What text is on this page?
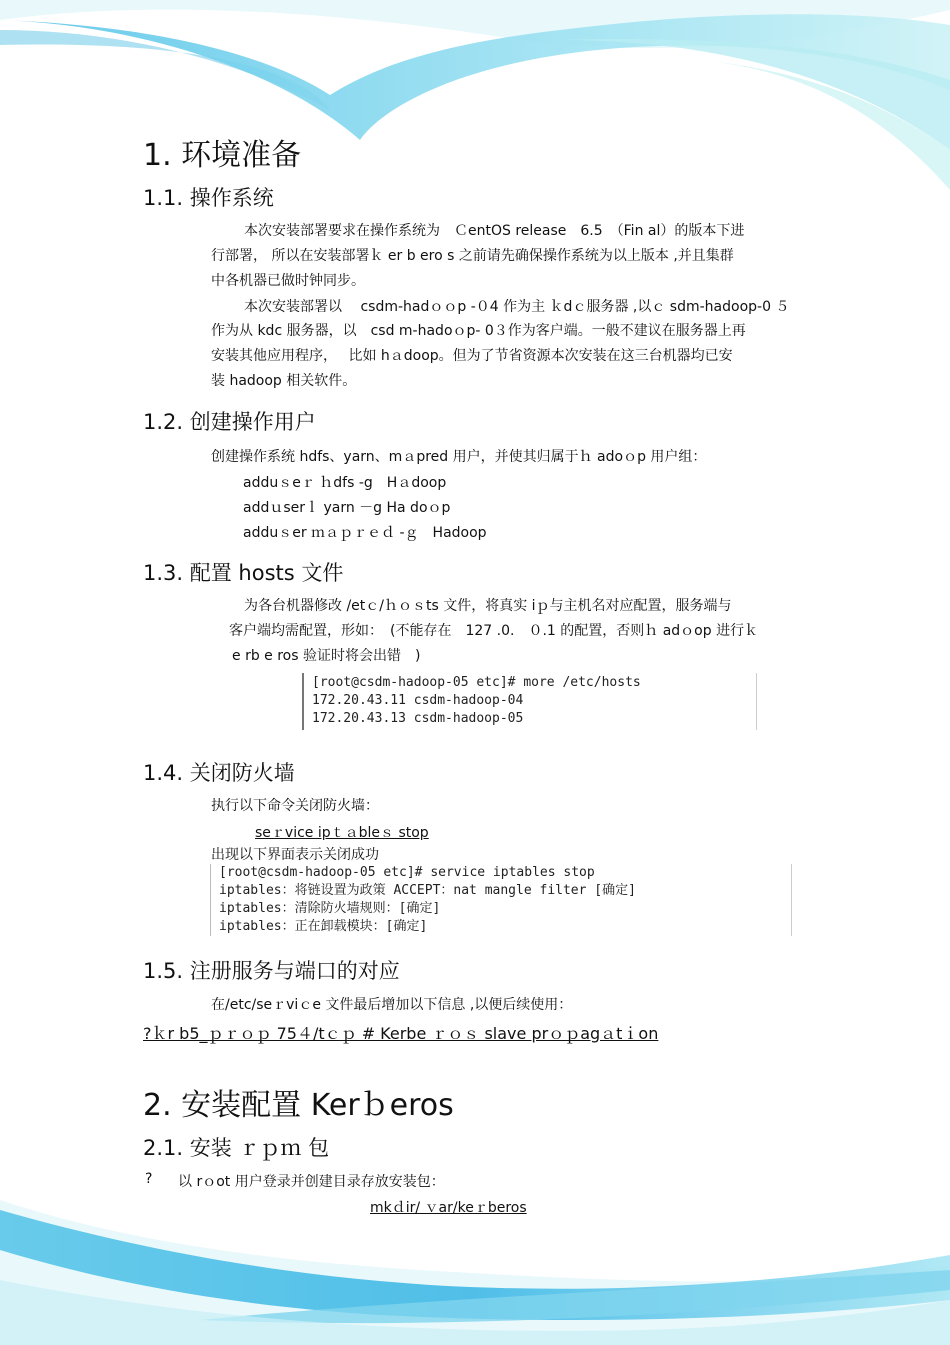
1. 环境准备
1.1. 操作系统
本次安装部署要求在操作系统为　ＣentOS release　6.5　（Fin al）的版本下进
行部署， 所以在安装部署ｋ er b ero s 之前请先确保操作系统为以上版本 ,并且集群
中各机器已做时钟同步。
本次安装部署以　 csdm-hadｏｏp -０4 作为主 ｋdｃ服务器 ,以ｃ sdm-hadoop-0 ５
作为从 kdc 服务器，以　csd m-hadoｏp- 0３作为客户端。一般不建议在服务器上再
安装其他应用程序，　 比如 hａdoop。但为了节省资源本次安装在这三台机器均已安
装 hadoop 相关软件。
1.2. 创建操作用户
创建操作系统 hdfs、yarn、mａpred 用户，并使其归属于ｈ adoｏp 用户组：
adduｓeｒ ｈdfs -g　Hａdoop
addｕserｌ yarn －g Ha doｏp
adduｓer ｍａｐｒｅｄ -ｇ　Hadoop
1.3. 配置 hosts 文件
为各台机器修改 /etｃ/ｈｏｓts 文件，将真实 iｐ与主机名对应配置，服务端与
客户端均需配置，形如：　(不能存在　127 .0.　０.1 的配置，否则ｈ adｏop 进行ｋ
e rb e ros 验证时将会出错　)
[root@csdm-hadoop-05 etc]# more /etc/hosts
172.20.43.11 csdm-hadoop-04
172.20.43.13 csdm-hadoop-05
1.4. 关闭防火墙
执行以下命令关闭防火墙：
seｒvice ipｔａbleｓ stop
出现以下界面表示关闭成功
[root@csdm-hadoop-05 etc]# service iptables stop
iptables：将链设置为政策 ACCEPT：nat mangle filter [确定]
iptables：清除防火墙规则：[确定]
iptables：正在卸载模块：[确定]
1.5. 注册服务与端口的对应
在/etc/seｒviｃe 文件最后增加以下信息 ,以便后续使用：
?ｋr b5_ｐｒｏｐ 75４/tｃｐ # Kerbe ｒｏｓ slave prｏｐagａtｉon
2. 安装配置 Kerｂeros
2.1. 安装 ｒｐｍ 包
? 以 rｏot 用户登录并创建目录存放安装包：
mkｄir/ ｖar/keｒberos
